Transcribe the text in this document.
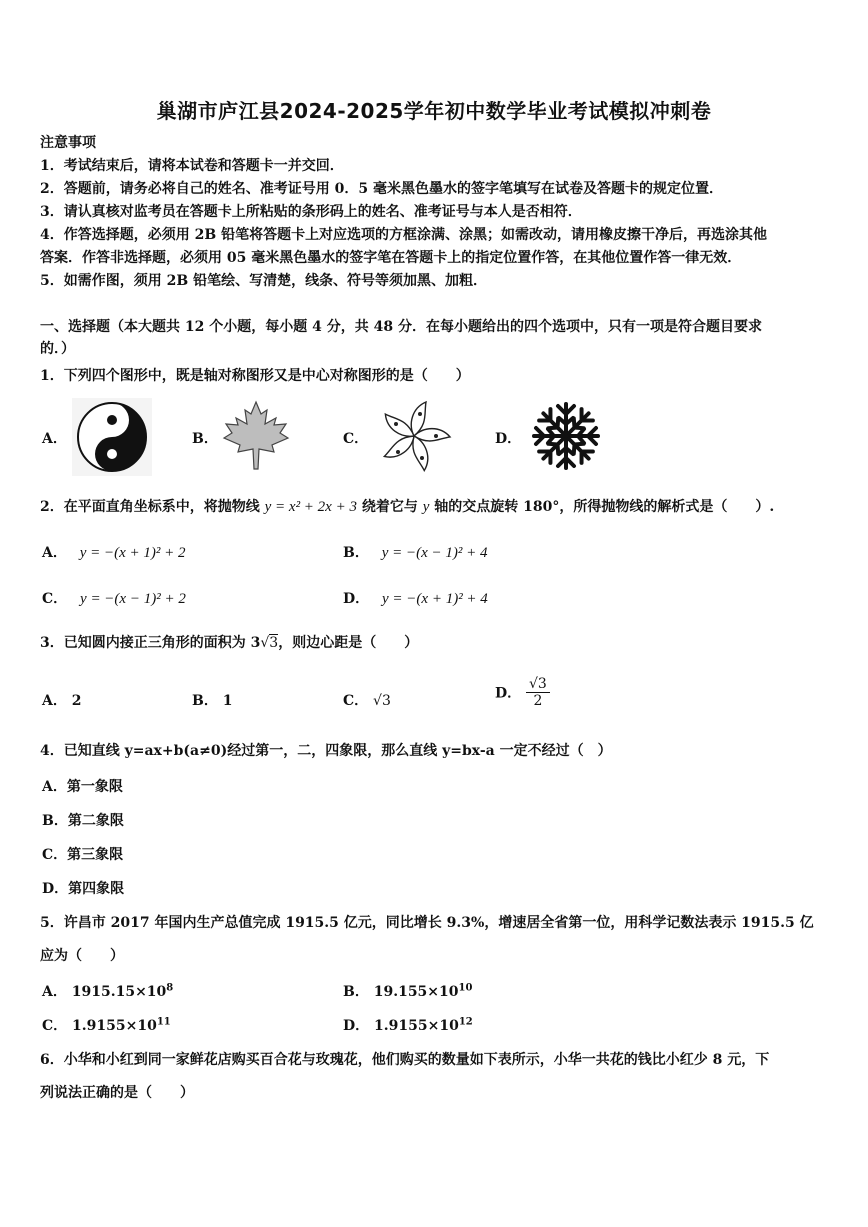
巢湖市庐江县2024-2025学年初中数学毕业考试模拟冲刺卷
注意事项
1．考试结束后，请将本试卷和答题卡一并交回．
2．答题前，请务必将自己的姓名、准考证号用 0．5 毫米黑色墨水的签字笔填写在试卷及答题卡的规定位置．
3．请认真核对监考员在答题卡上所粘贴的条形码上的姓名、准考证号与本人是否相符．
4．作答选择题，必须用 2B 铅笔将答题卡上对应选项的方框涂满、涂黑；如需改动，请用橡皮擦干净后，再选涂其他
答案．作答非选择题，必须用 05 毫米黑色墨水的签字笔在答题卡上的指定位置作答，在其他位置作答一律无效．
5．如需作图，须用 2B 铅笔绘、写清楚，线条、符号等须加黑、加粗．
一、选择题（本大题共 12 个小题，每小题 4 分，共 48 分．在每小题给出的四个选项中，只有一项是符合题目要求
的．）
1．下列四个图形中，既是轴对称图形又是中心对称图形的是（　　）
A．	B．	C．	D．
2．在平面直角坐标系中，将抛物线 y = x² + 2x + 3 绕着它与 y 轴的交点旋转 180°，所得抛物线的解析式是（　　）.
A． y = −(x + 1)² + 2	B． y = −(x − 1)² + 4
C． y = −(x − 1)² + 2	D． y = −(x + 1)² + 4
3．已知圆内接正三角形的面积为 3√3，则边心距是（　　）
A． 2	B． 1	C． √3	D． $\frac{√3}{2}$
4．已知直线 y=ax+b(a≠0)经过第一，二，四象限，那么直线 y=bx-a 一定不经过（　）
A．第一象限
B．第二象限
C．第三象限
D．第四象限
5．许昌市 2017 年国内生产总值完成 1915.5 亿元，同比增长 9.3%，增速居全省第一位，用科学记数法表示 1915.5 亿
应为（　　）
A． $1915.15\times 10^8$	B． $19.155\times 10^{10}$
C． $1.9155\times 10^{11}$	D． $1.9155\times 10^{12}$
6．小华和小红到同一家鲜花店购买百合花与玫瑰花，他们购买的数量如下表所示，小华一共花的钱比小红少 8 元，下
列说法正确的是（　　）
